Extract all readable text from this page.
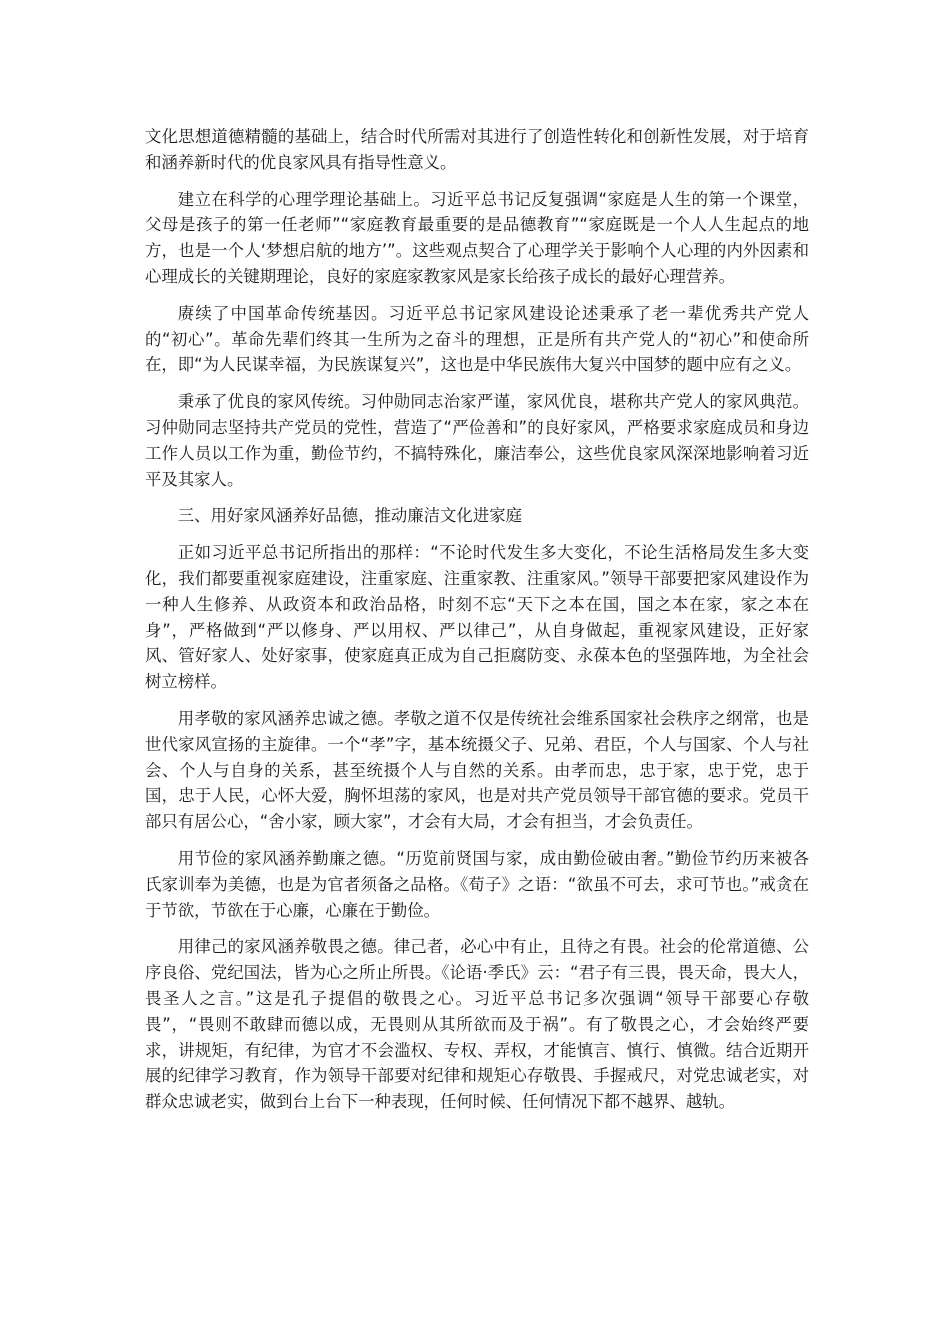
文化思想道德精髓的基础上，结合时代所需对其进行了创造性转化和创新性发展，对于培育和涵养新时代的优良家风具有指导性意义。

建立在科学的心理学理论基础上。习近平总书记反复强调“家庭是人生的第一个课堂，父母是孩子的第一任老师”“家庭教育最重要的是品德教育”“家庭既是一个人人生起点的地方，也是一个人‘梦想启航的地方’”。这些观点契合了心理学关于影响个人心理的内外因素和心理成长的关键期理论，良好的家庭家教家风是家长给孩子成长的最好心理营养。

赓续了中国革命传统基因。习近平总书记家风建设论述秉承了老一辈优秀共产党人的“初心”。革命先辈们终其一生所为之奋斗的理想，正是所有共产党人的“初心”和使命所在，即“为人民谋幸福，为民族谋复兴”，这也是中华民族伟大复兴中国梦的题中应有之义。

秉承了优良的家风传统。习仲勋同志治家严谨，家风优良，堪称共产党人的家风典范。习仲勋同志坚持共产党员的党性，营造了“严俭善和”的良好家风，严格要求家庭成员和身边工作人员以工作为重，勤俭节约，不搞特殊化，廉洁奉公，这些优良家风深深地影响着习近平及其家人。

三、用好家风涵养好品德，推动廉洁文化进家庭

正如习近平总书记所指出的那样：“不论时代发生多大变化，不论生活格局发生多大变化，我们都要重视家庭建设，注重家庭、注重家教、注重家风。”领导干部要把家风建设作为一种人生修养、从政资本和政治品格，时刻不忘“天下之本在国，国之本在家，家之本在身”，严格做到“严以修身、严以用权、严以律己”，从自身做起，重视家风建设，正好家风、管好家人、处好家事，使家庭真正成为自己拒腐防变、永葆本色的坚强阵地，为全社会树立榜样。

用孝敬的家风涵养忠诚之德。孝敬之道不仅是传统社会维系国家社会秩序之纲常，也是世代家风宣扬的主旋律。一个“孝”字，基本统摄父子、兄弟、君臣，个人与国家、个人与社会、个人与自身的关系，甚至统摄个人与自然的关系。由孝而忠，忠于家，忠于党，忠于国，忠于人民，心怀大爱，胸怀坦荡的家风，也是对共产党员领导干部官德的要求。党员干部只有居公心，“舍小家，顾大家”，才会有大局，才会有担当，才会负责任。

用节俭的家风涵养勤廉之德。“历览前贤国与家，成由勤俭破由奢。”勤俭节约历来被各氏家训奉为美德，也是为官者须备之品格。《荀子》之语：“欲虽不可去，求可节也。”戒贪在于节欲，节欲在于心廉，心廉在于勤俭。

用律己的家风涵养敬畏之德。律己者，必心中有止，且待之有畏。社会的伦常道德、公序良俗、党纪国法，皆为心之所止所畏。《论语·季氏》云：“君子有三畏，畏天命，畏大人，畏圣人之言。”这是孔子提倡的敬畏之心。习近平总书记多次强调“领导干部要心存敬畏”，“畏则不敢肆而德以成，无畏则从其所欲而及于祸”。有了敬畏之心，才会始终严要求，讲规矩，有纪律，为官才不会滥权、专权、弄权，才能慎言、慎行、慎微。结合近期开展的纪律学习教育，作为领导干部要对纪律和规矩心存敬畏、手握戒尺，对党忠诚老实，对群众忠诚老实，做到台上台下一种表现，任何时候、任何情况下都不越界、越轨。
